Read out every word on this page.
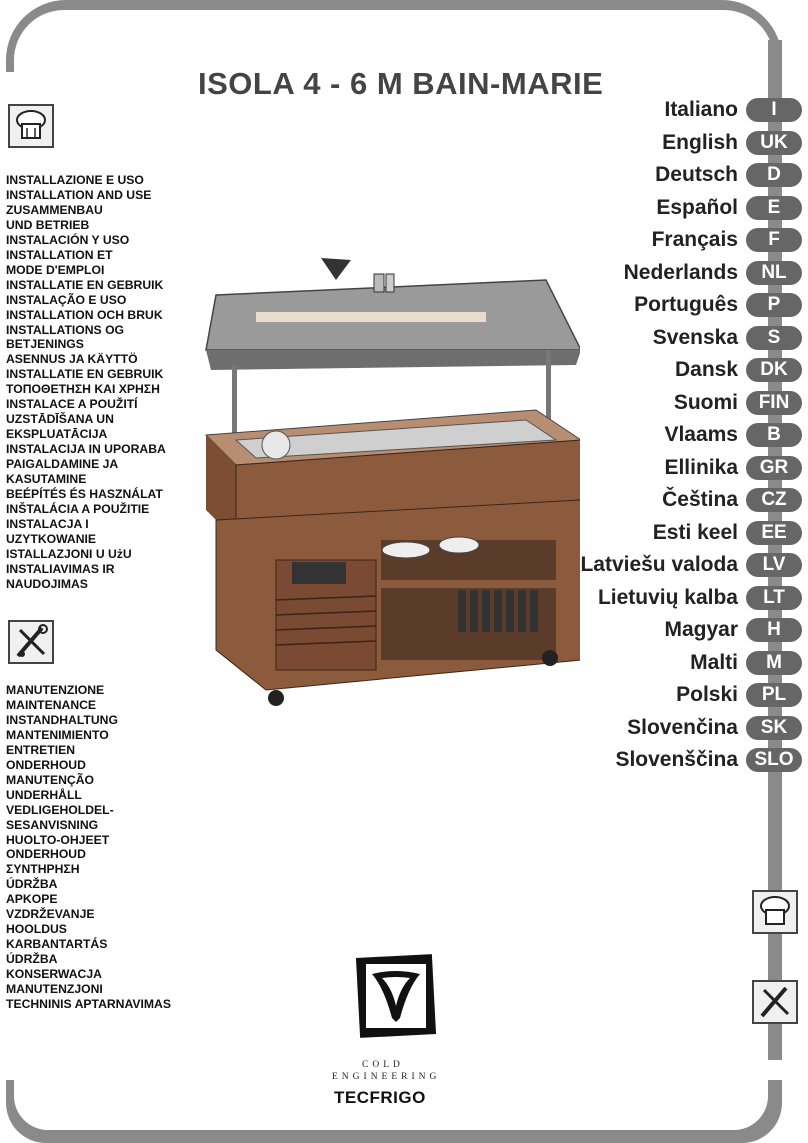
ISOLA 4 - 6 M BAIN-MARIE
INSTALLAZIONE E USO
INSTALLATION AND USE
ZUSAMMENBAU
UND BETRIEB
INSTALACIÓN Y USO
INSTALLATION ET
MODE D'EMPLOI
INSTALLATIE EN GEBRUIK
INSTALAÇÃO E USO
INSTALLATION OCH BRUK
INSTALLATIONS OG
BETJENINGS
ASENNUS JA KÄYTTÖ
INSTALLATIE EN GEBRUIK
ΤΟΠΟΘΕΤΗΣΗ ΚΑΙ ΧΡΗΣΗ
INSTALACE A POUŽITÍ
UZSTĀDĪŠANA UN
EKSPLUATĀCIJA
INSTALACIJA IN UPORABA
PAIGALDAMINE JA
KASUTAMINE
BEÉPÍTÉS ÉS HASZNÁLAT
INŠTALÁCIA A POUŽITIE
INSTALACJA I
UZYTKOWANIE
ISTALLAZJONI U UżU
INSTALIAVIMAS IR
NAUDOJIMAS
MANUTENZIONE
MAINTENANCE
INSTANDHALTUNG
MANTENIMIENTO
ENTRETIEN
ONDERHOUD
MANUTENÇÃO
UNDERHÅLL
VEDLIGEHOLDEL-
SESANVISNING
HUOLTO-OHJEET
ONDERHOUD
ΣΥΝΤΗΡΗΣΗ
ÚDRŽBA
APKOPE
VZDRŽEVANJE
HOOLDUS
KARBANTARTÁS
ÚDRŽBA
KONSERWACJA
MANUTENZJONI
TECHNINIS APTARNAVIMAS
COLD
ENGINEERING
TECFRIGO
Italiano	I
English	UK
Deutsch	D
Español	E
Français	F
Nederlands	NL
Português	P
Svenska	S
Dansk	DK
Suomi	FIN
Vlaams	B
Ellinika	GR
Čeština	CZ
Esti keel	EE
Latviešu valoda	LV
Lietuvių kalba	LT
Magyar	H
Malti	M
Polski	PL
Slovenčina	SK
Slovenščina SLO
